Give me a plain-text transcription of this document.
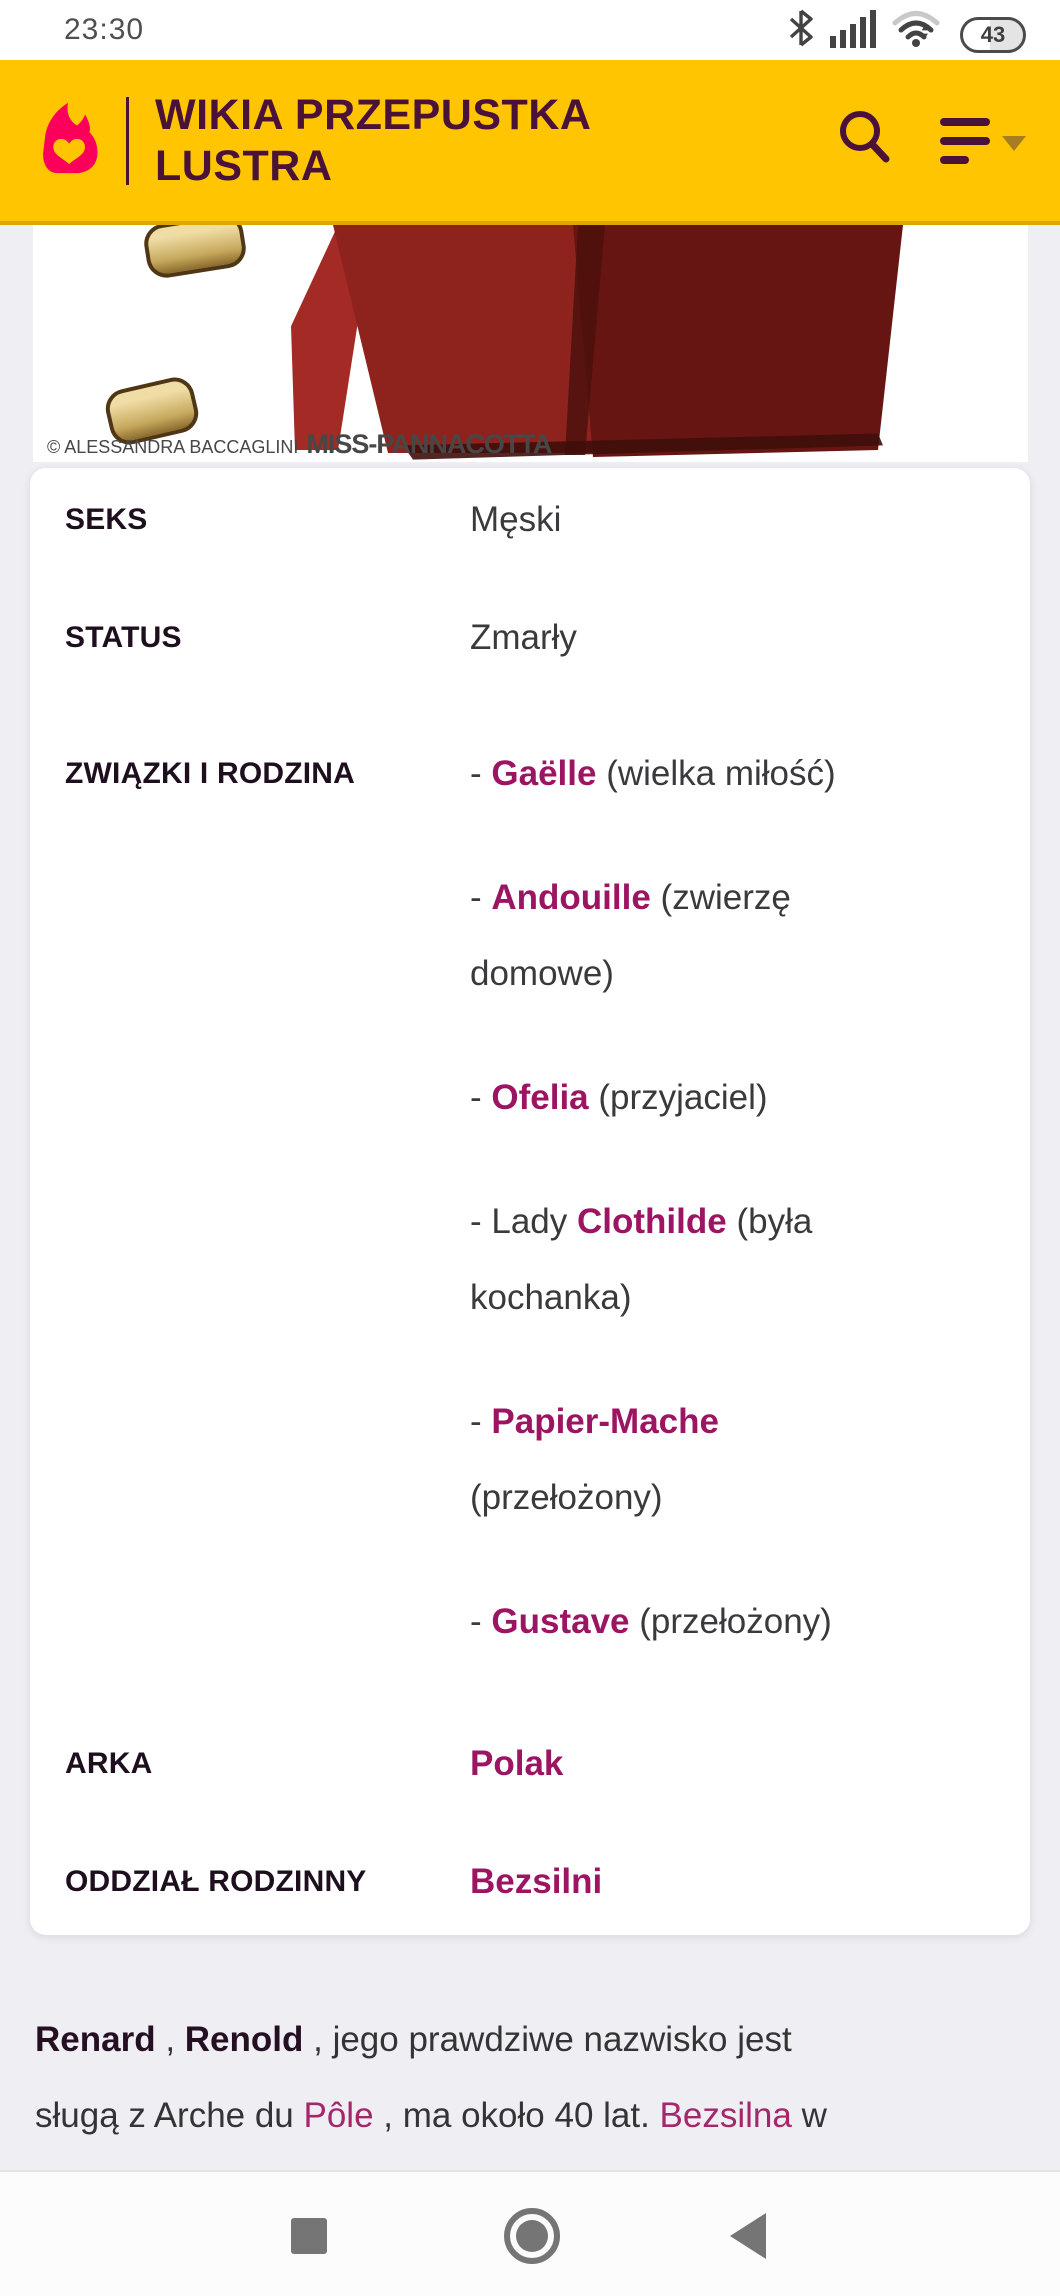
23:30	43
WIKIA PRZEPUSTKA
LUSTRA
© ALESSANDRA BACCAGLINI MISS-PANNACOTTA
SEKS	Męski
STATUS	Zmarły
ZWIĄZKI I RODZINA	- Gaëlle (wielka miłość)
- Andouille (zwierzę
domowe)
- Ofelia (przyjaciel)
- Lady Clothilde (była
kochanka)
- Papier-Mache
(przełożony)
- Gustave (przełożony)
ARKA	Polak
ODDZIAŁ RODZINNY	Bezsilni
Renard , Renold , jego prawdziwe nazwisko jest
sługą z Arche du Pôle , ma około 40 lat. Bezsilna w
